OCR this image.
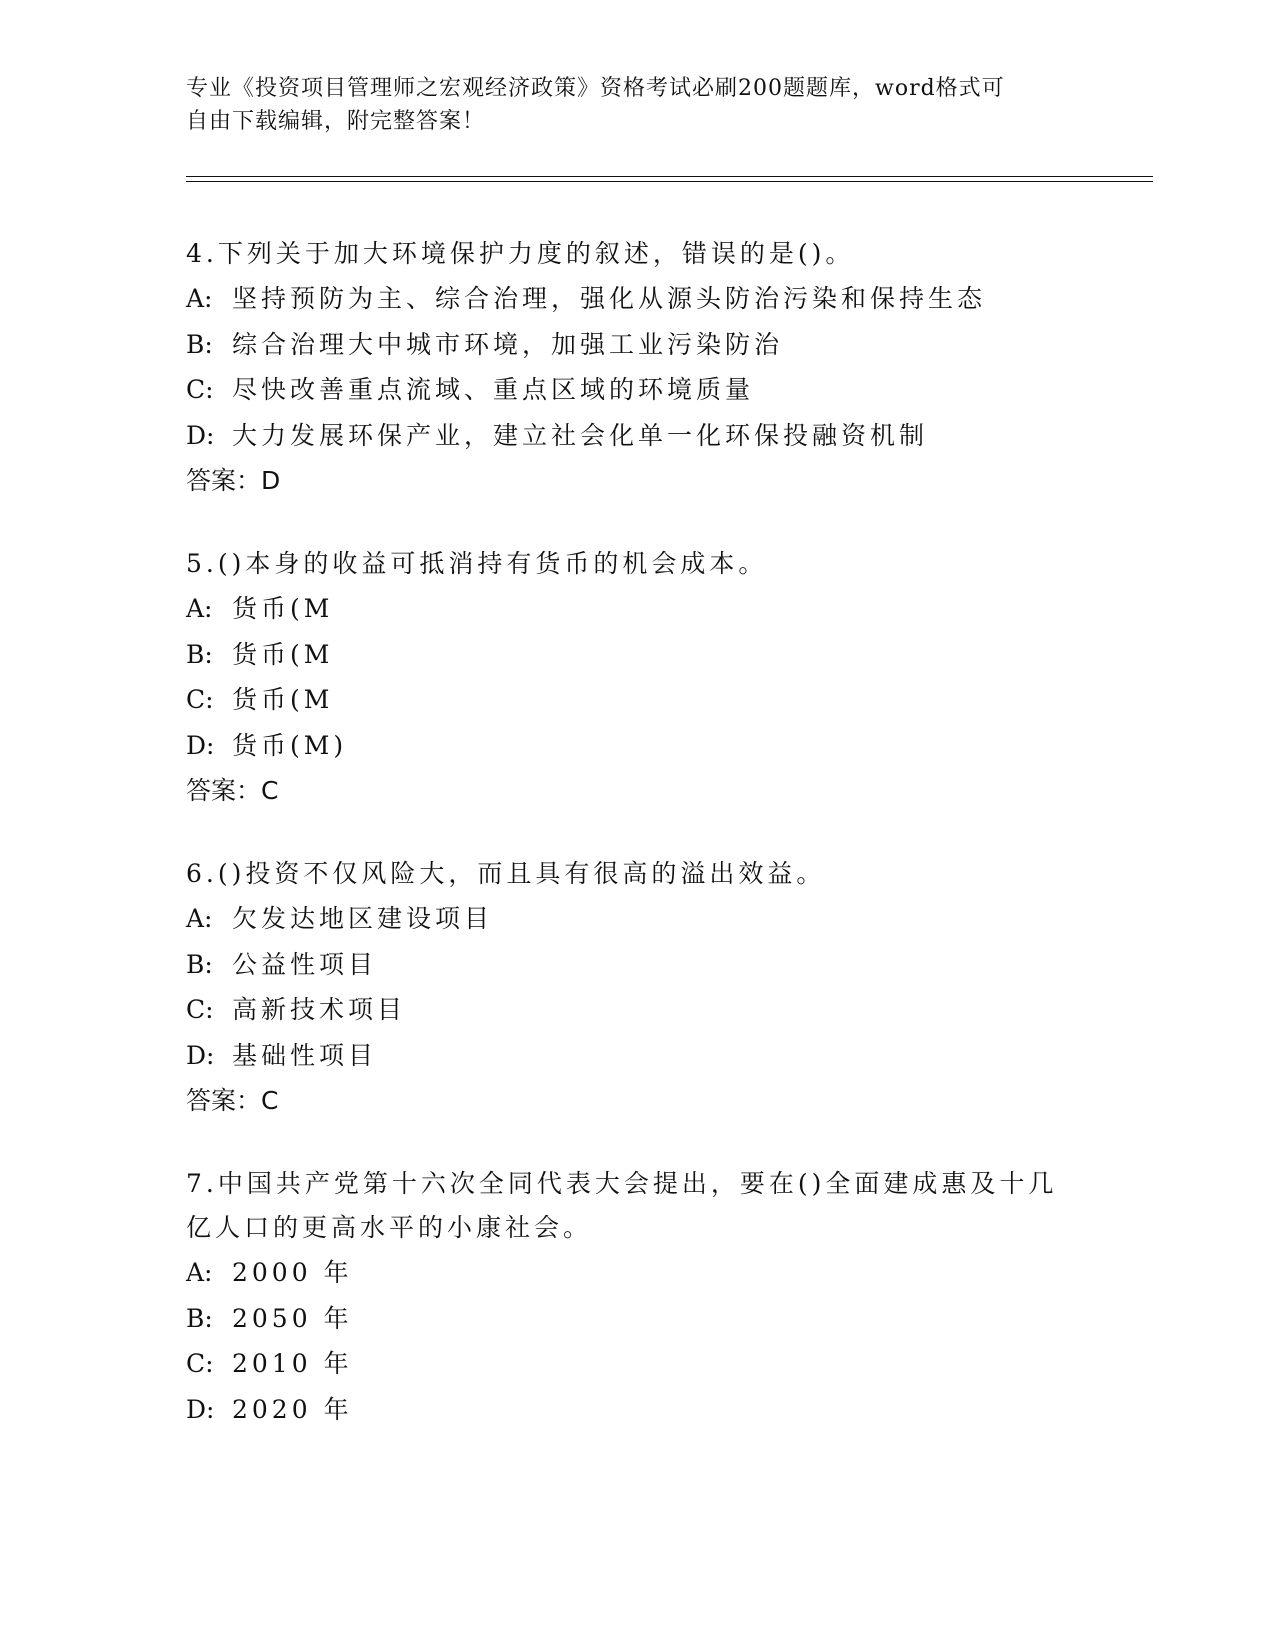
专业《投资项目管理师之宏观经济政策》资格考试必刷200题题库，word格式可
自由下载编辑，附完整答案！
4.下列关于加大环境保护力度的叙述，错误的是()。
A: 坚持预防为主、综合治理，强化从源头防治污染和保持生态
B: 综合治理大中城市环境，加强工业污染防治
C: 尽快改善重点流域、重点区域的环境质量
D: 大力发展环保产业，建立社会化单一化环保投融资机制
答案：D
5.()本身的收益可抵消持有货币的机会成本。
A: 货币(M
B: 货币(M
C: 货币(M
D: 货币(M)
答案：C
6.()投资不仅风险大，而且具有很高的溢出效益。
A: 欠发达地区建设项目
B: 公益性项目
C: 高新技术项目
D: 基础性项目
答案：C
7.中国共产党第十六次全同代表大会提出，要在()全面建成惠及十几亿人口的更高水平的小康社会。
A: 2000 年
B: 2050 年
C: 2010 年
D: 2020 年
